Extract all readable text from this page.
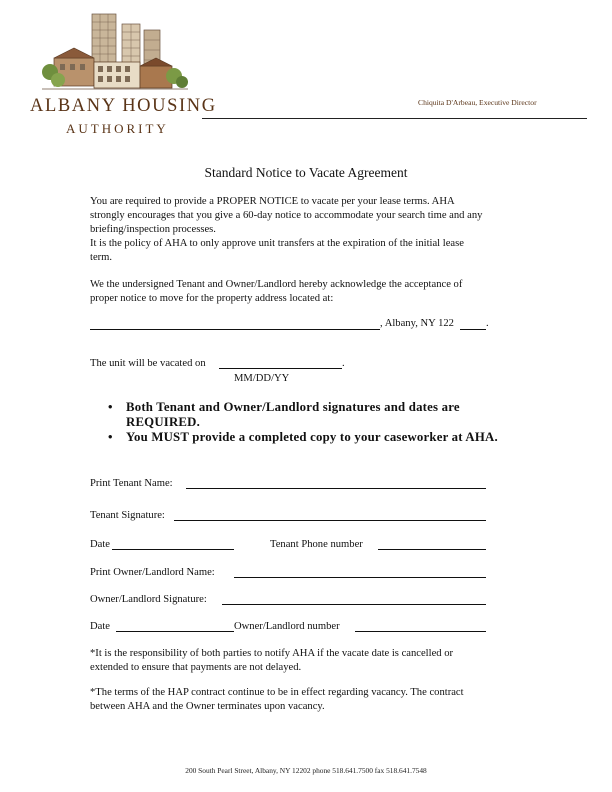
ALBANY HOUSING
AUTHORITY
Chiquita D'Arbeau, Executive Director
Standard Notice to Vacate Agreement
You are required to provide a PROPER NOTICE to vacate per your lease terms. AHA
strongly encourages that you give a 60-day notice to accommodate your search time and any
briefing/inspection processes.
It is the policy of AHA to only approve unit transfers at the expiration of the initial lease
term.
We the undersigned Tenant and Owner/Landlord hereby acknowledge the acceptance of
proper notice to move for the property address located at:
, Albany, NY 122	.
The unit will be vacated on	.
MM/DD/YY
• Both Tenant and Owner/Landlord signatures and dates are
REQUIRED.
• You MUST provide a completed copy to your caseworker at AHA.
Print Tenant Name:
Tenant Signature:
Date	Tenant Phone number
Print Owner/Landlord Name:
Owner/Landlord Signature:
Date	Owner/Landlord number
*It is the responsibility of both parties to notify AHA if the vacate date is cancelled or
extended to ensure that payments are not delayed.
*The terms of the HAP contract continue to be in effect regarding vacancy. The contract
between AHA and the Owner terminates upon vacancy.
200 South Pearl Street, Albany, NY 12202 phone 518.641.7500 fax 518.641.7548
